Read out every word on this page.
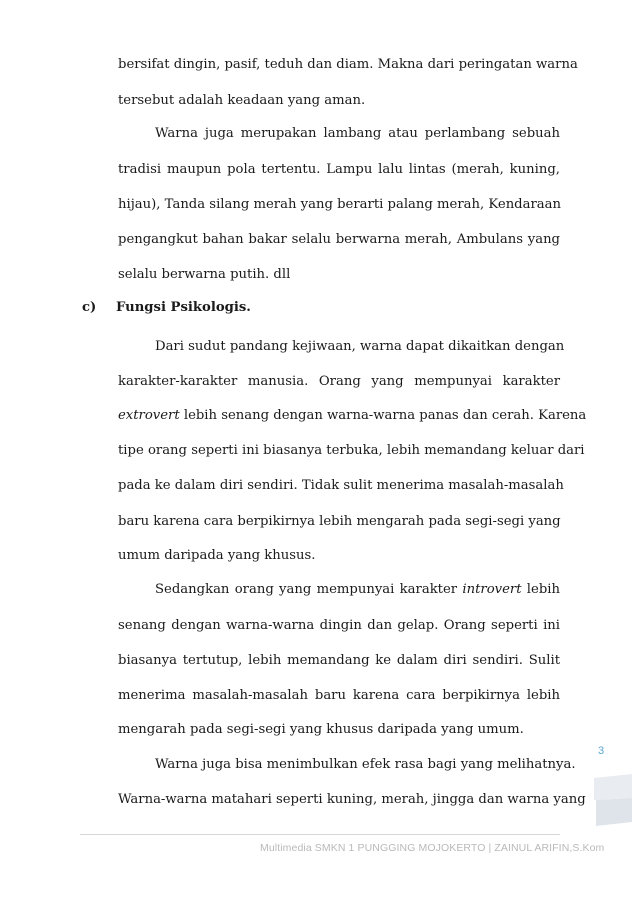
bersifat dingin, pasif, teduh dan diam. Makna dari peringatan warna
tersebut adalah keadaan yang aman.
Warna juga merupakan lambang atau perlambang sebuah
tradisi maupun pola tertentu. Lampu lalu lintas (merah, kuning,
hijau), Tanda silang merah yang berarti palang merah, Kendaraan
pengangkut bahan bakar selalu berwarna merah, Ambulans yang
selalu berwarna putih. dll
c) Fungsi Psikologis.
Dari sudut pandang kejiwaan, warna dapat dikaitkan dengan
karakter-karakter manusia. Orang yang mempunyai karakter
extrovert lebih senang dengan warna-warna panas dan cerah. Karena
tipe orang seperti ini biasanya terbuka, lebih memandang keluar dari
pada ke dalam diri sendiri. Tidak sulit menerima masalah-masalah
baru karena cara berpikirnya lebih mengarah pada segi-segi yang
umum daripada yang khusus.
Sedangkan orang yang mempunyai karakter introvert lebih
senang dengan warna-warna dingin dan gelap. Orang seperti ini
biasanya tertutup, lebih memandang ke dalam diri sendiri. Sulit
menerima masalah-masalah baru karena cara berpikirnya lebih
mengarah pada segi-segi yang khusus daripada yang umum.
Warna juga bisa menimbulkan efek rasa bagi yang melihatnya.
Warna-warna matahari seperti kuning, merah, jingga dan warna yang
3
Multimedia SMKN 1 PUNGGING MOJOKERTO | ZAINUL ARIFIN,S.Kom
